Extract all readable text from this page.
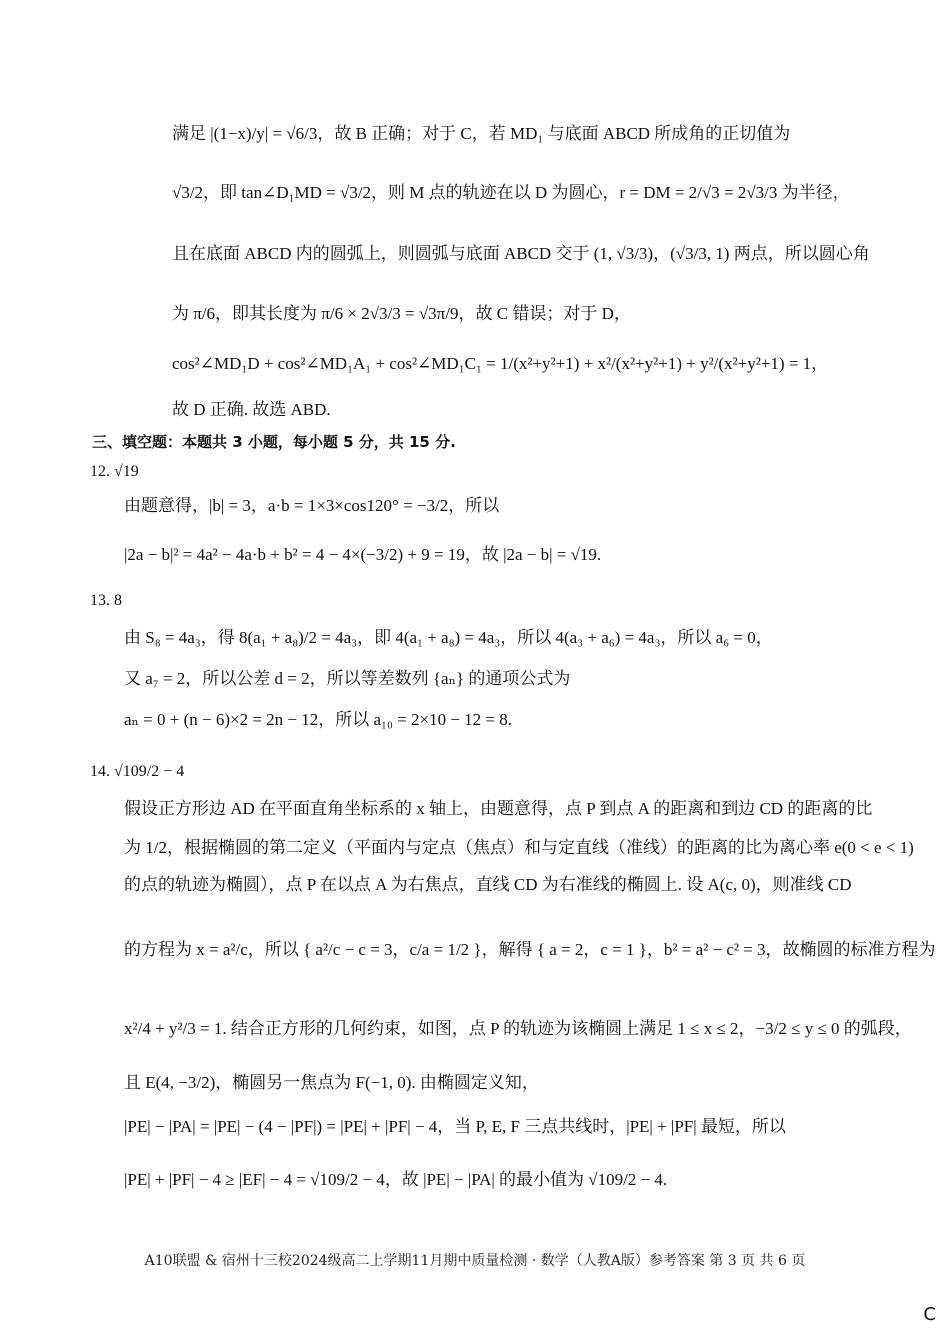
满足 |(1−x)/y| = √6/3，故 B 正确；对于 C，若 MD₁ 与底面 ABCD 所成角的正切值为
√3/2，即 tan∠D₁MD = √3/2，则 M 点的轨迹在以 D 为圆心，r = DM = 2/√3 = 2√3/3 为半径，
且在底面 ABCD 内的圆弧上，则圆弧与底面 ABCD 交于 (1, √3/3)，(√3/3, 1) 两点，所以圆心角
为 π/6，即其长度为 π/6 × 2√3/3 = √3π/9，故 C 错误；对于 D，
cos²∠MD₁D + cos²∠MD₁A₁ + cos²∠MD₁C₁ = 1/(x²+y²+1) + x²/(x²+y²+1) + y²/(x²+y²+1) = 1，
故 D 正确. 故选 ABD.
三、填空题：本题共 3 小题，每小题 5 分，共 15 分.
12. √19
由题意得，|b| = 3，a·b = 1×3×cos120° = −3/2，所以
|2a − b|² = 4a² − 4a·b + b² = 4 − 4×(−3/2) + 9 = 19，故 |2a − b| = √19.
13. 8
由 S₈ = 4a₃，得 8(a₁ + a₈)/2 = 4a₃，即 4(a₁ + a₈) = 4a₃，所以 4(a₃ + a₆) = 4a₃，所以 a₆ = 0，
又 a₇ = 2，所以公差 d = 2，所以等差数列 {aₙ} 的通项公式为
aₙ = 0 + (n − 6)×2 = 2n − 12，所以 a₁₀ = 2×10 − 12 = 8.
14. √109/2 − 4
假设正方形边 AD 在平面直角坐标系的 x 轴上，由题意得，点 P 到点 A 的距离和到边 CD 的距离的比
为 1/2，根据椭圆的第二定义（平面内与定点（焦点）和与定直线（准线）的距离的比为离心率 e(0 < e < 1)
的点的轨迹为椭圆），点 P 在以点 A 为右焦点，直线 CD 为右准线的椭圆上. 设 A(c, 0)，则准线 CD
的方程为 x = a²/c，所以 { a²/c − c = 3，c/a = 1/2 }，解得 { a = 2，c = 1 }，b² = a² − c² = 3，故椭圆的标准方程为
x²/4 + y²/3 = 1. 结合正方形的几何约束，如图，点 P 的轨迹为该椭圆上满足 1 ≤ x ≤ 2，−3/2 ≤ y ≤ 0 的弧段，
且 E(4, −3/2)，椭圆另一焦点为 F(−1, 0). 由椭圆定义知，
|PE| − |PA| = |PE| − (4 − |PF|) = |PE| + |PF| − 4，当 P, E, F 三点共线时，|PE| + |PF| 最短，所以
|PE| + |PF| − 4 ≥ |EF| − 4 = √109/2 − 4，故 |PE| − |PA| 的最小值为 √109/2 − 4.
A10联盟 & 宿州十三校2024级高二上学期11月期中质量检测 · 数学（人教A版）参考答案 第 3 页 共 6 页
C
